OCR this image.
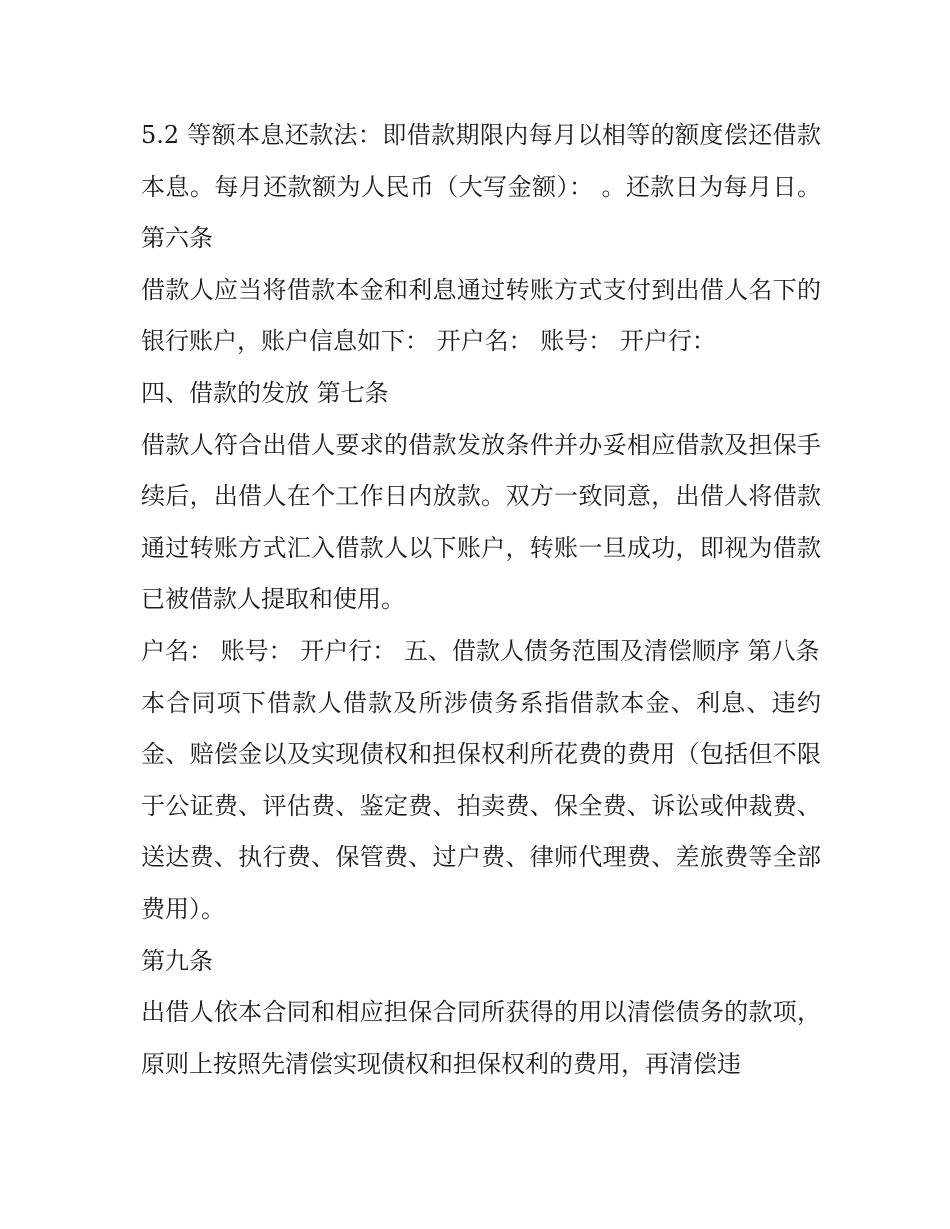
5.2 等额本息还款法：即借款期限内每月以相等的额度偿还借款本息。每月还款额为人民币（大写金额）： 。还款日为每月日。 第六条

借款人应当将借款本金和利息通过转账方式支付到出借人名下的银行账户，账户信息如下： 开户名： 账号： 开户行：

四、借款的发放 第七条

借款人符合出借人要求的借款发放条件并办妥相应借款及担保手续后，出借人在个工作日内放款。双方一致同意，出借人将借款通过转账方式汇入借款人以下账户，转账一旦成功，即视为借款已被借款人提取和使用。

户名： 账号： 开户行： 五、借款人债务范围及清偿顺序 第八条

本合同项下借款人借款及所涉债务系指借款本金、利息、违约金、赔偿金以及实现债权和担保权利所花费的费用（包括但不限于公证费、评估费、鉴定费、拍卖费、保全费、诉讼或仲裁费、送达费、执行费、保管费、过户费、律师代理费、差旅费等全部费用）。

第九条

出借人依本合同和相应担保合同所获得的用以清偿债务的款项，原则上按照先清偿实现债权和担保权利的费用，再清偿违
